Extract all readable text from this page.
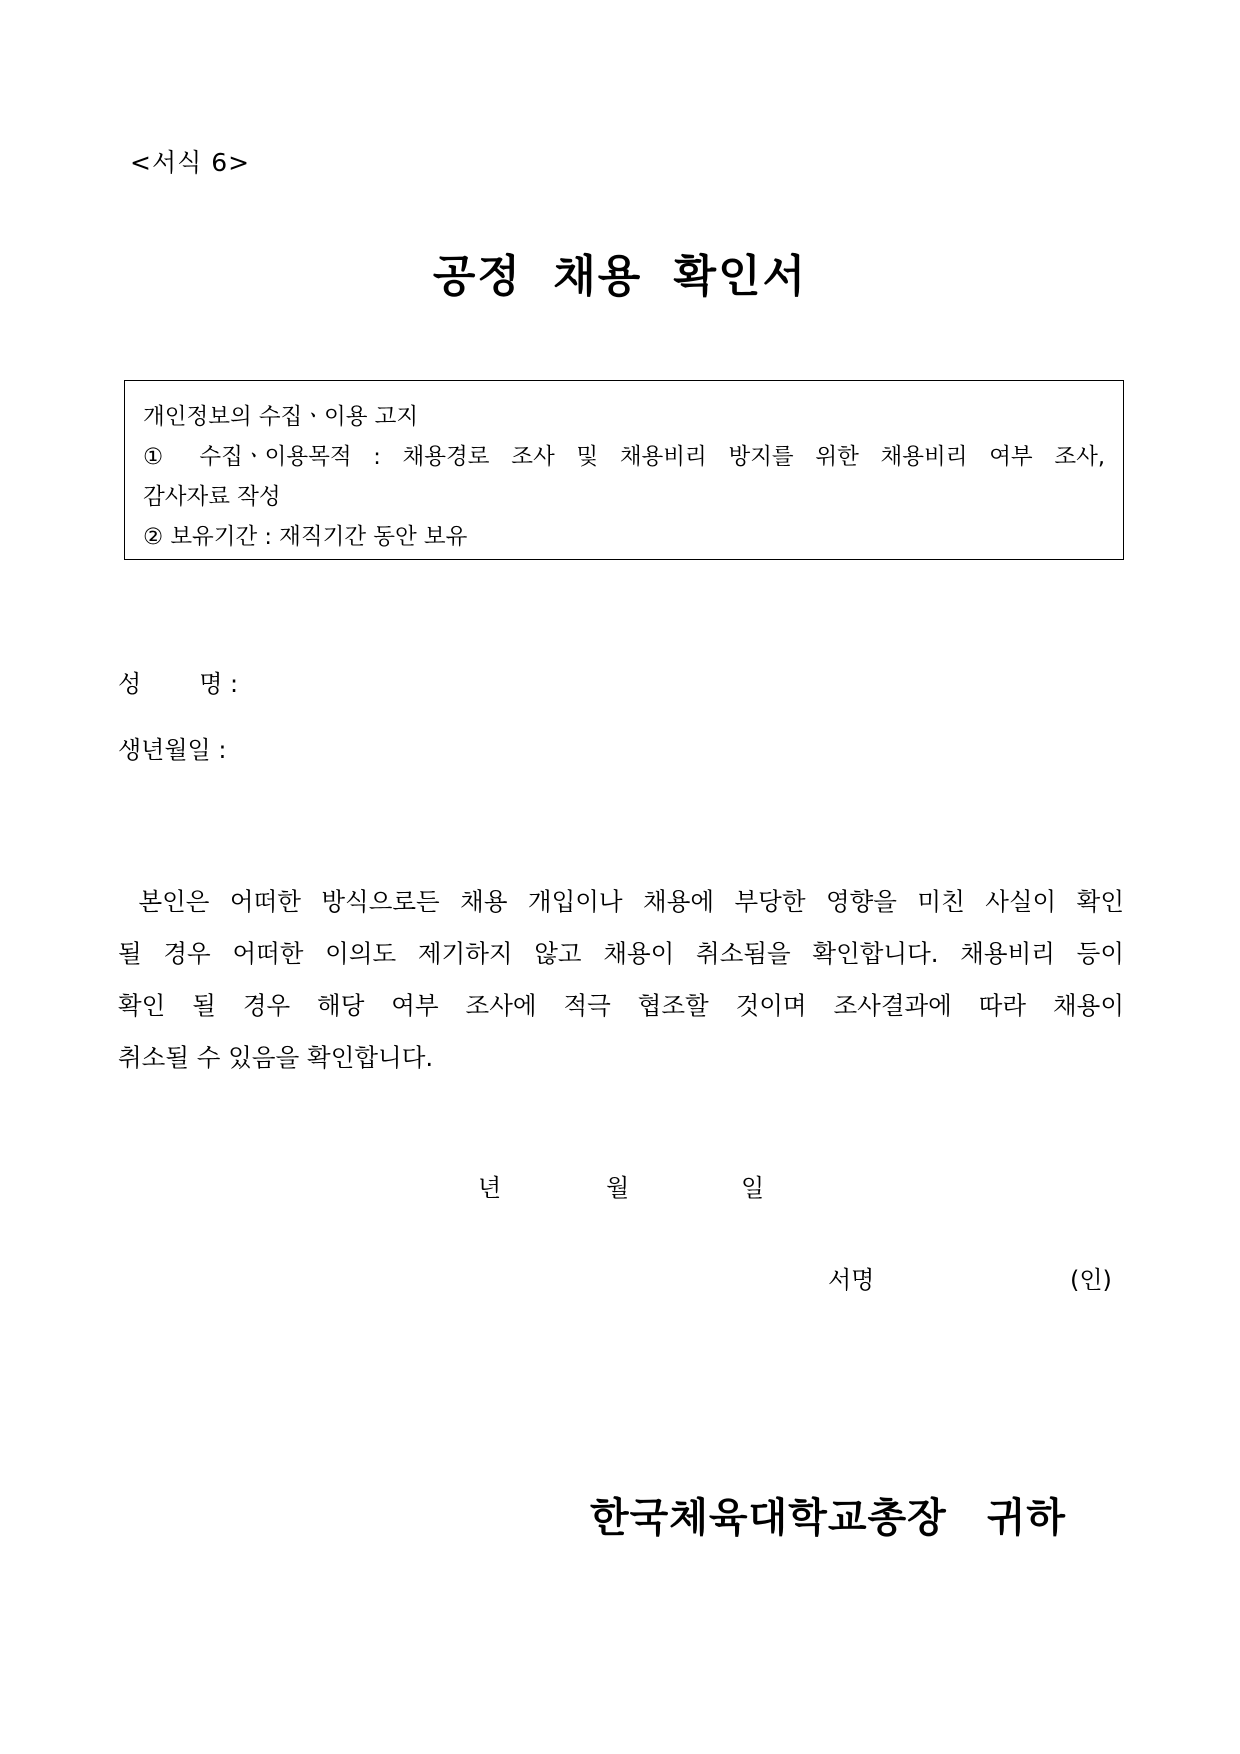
<서식 6>
공정 채용 확인서
개인정보의 수집ㆍ이용 고지
① 수집ㆍ이용목적 : 채용경로 조사 및 채용비리 방지를 위한 채용비리 여부 조사,
감사자료 작성
② 보유기간 : 재직기간 동안 보유
성 명 :
생년월일 :
본인은 어떠한 방식으로든 채용 개입이나 채용에 부당한 영향을 미친 사실이 확인
될 경우 어떠한 이의도 제기하지 않고 채용이 취소됨을 확인합니다. 채용비리 등이
확인 될 경우 해당 여부 조사에 적극 협조할 것이며 조사결과에 따라 채용이
취소될 수 있음을 확인합니다.
년	월	일
서명	(인)
한국체육대학교총장 귀하
